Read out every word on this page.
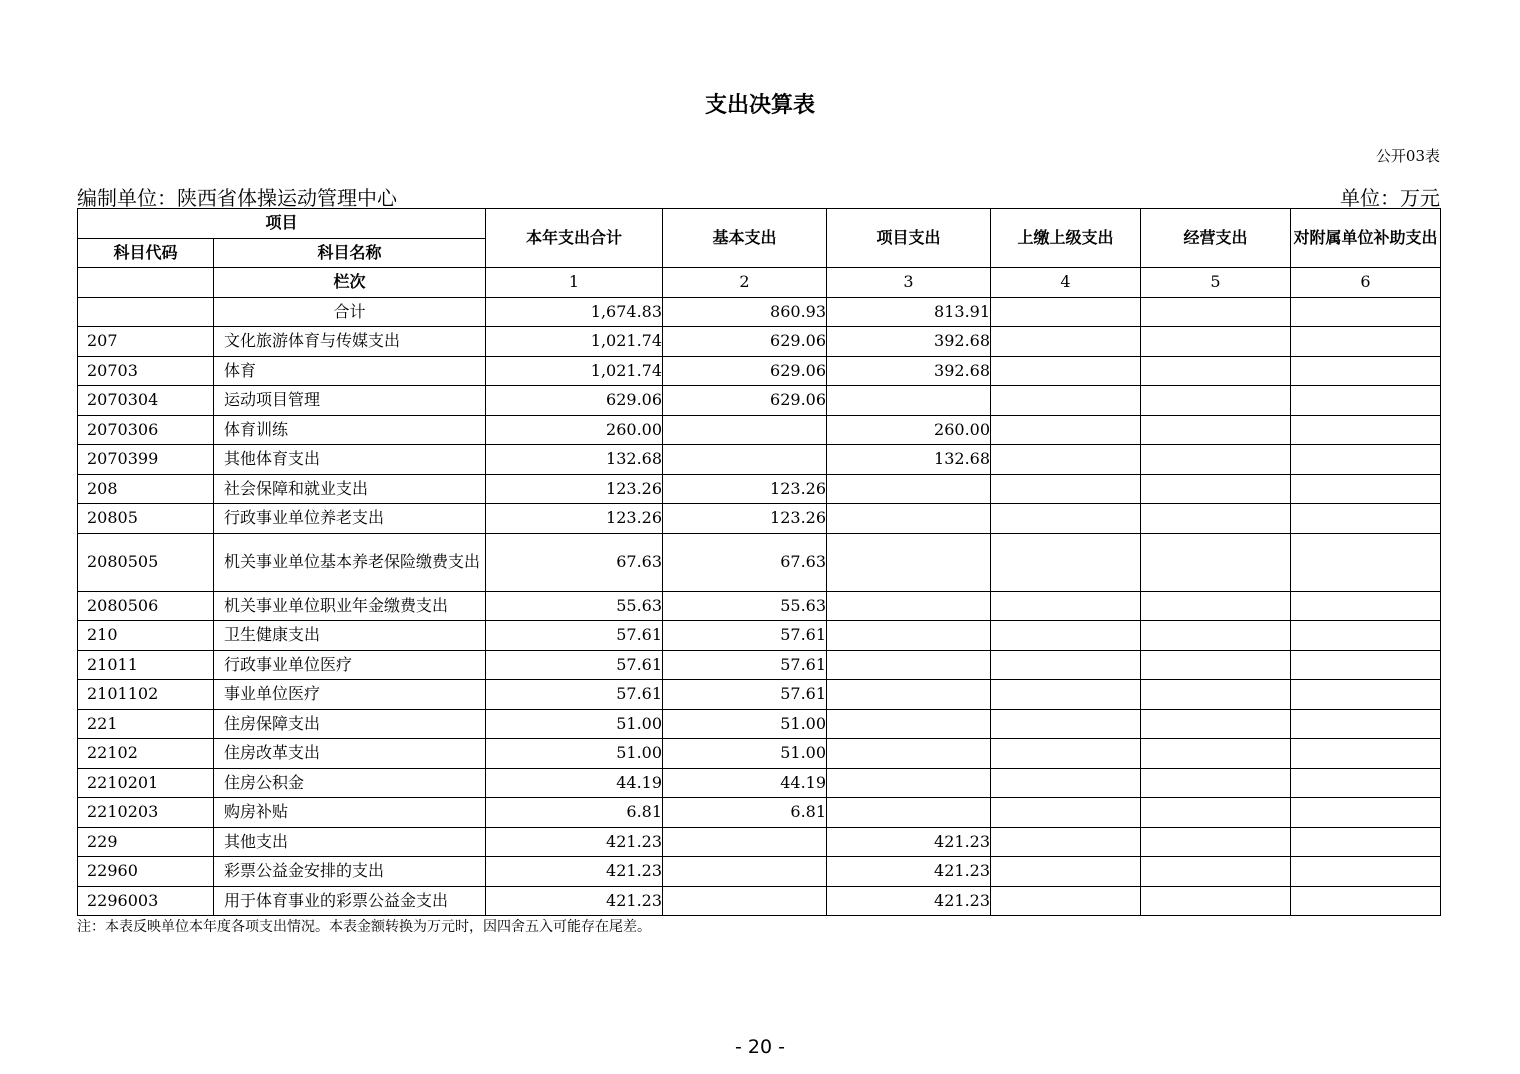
支出决算表
公开03表
编制单位：陕西省体操运动管理中心	单位：万元
项目		本年支出合计	基本支出	项目支出	上缴上级支出	经营支出	对附属单位补助支出
科目代码	科目名称						
	栏次	1	2	3	4	5	6
	合计	1,674.83	860.93	813.91			
207	文化旅游体育与传媒支出	1,021.74	629.06	392.68			
20703	体育	1,021.74	629.06	392.68			
2070304	运动项目管理	629.06	629.06				
2070306	体育训练	260.00		260.00			
2070399	其他体育支出	132.68		132.68			
208	社会保障和就业支出	123.26	123.26				
20805	行政事业单位养老支出	123.26	123.26				
2080505	机关事业单位基本养老保险缴费支出	67.63	67.63				
2080506	机关事业单位职业年金缴费支出	55.63	55.63				
210	卫生健康支出	57.61	57.61				
21011	行政事业单位医疗	57.61	57.61				
2101102	事业单位医疗	57.61	57.61				
221	住房保障支出	51.00	51.00				
22102	住房改革支出	51.00	51.00				
2210201	住房公积金	44.19	44.19				
2210203	购房补贴	6.81	6.81				
229	其他支出	421.23		421.23			
22960	彩票公益金安排的支出	421.23		421.23			
2296003	用于体育事业的彩票公益金支出	421.23		421.23			
注：本表反映单位本年度各项支出情况。本表金额转换为万元时，因四舍五入可能存在尾差。
- 20 -
